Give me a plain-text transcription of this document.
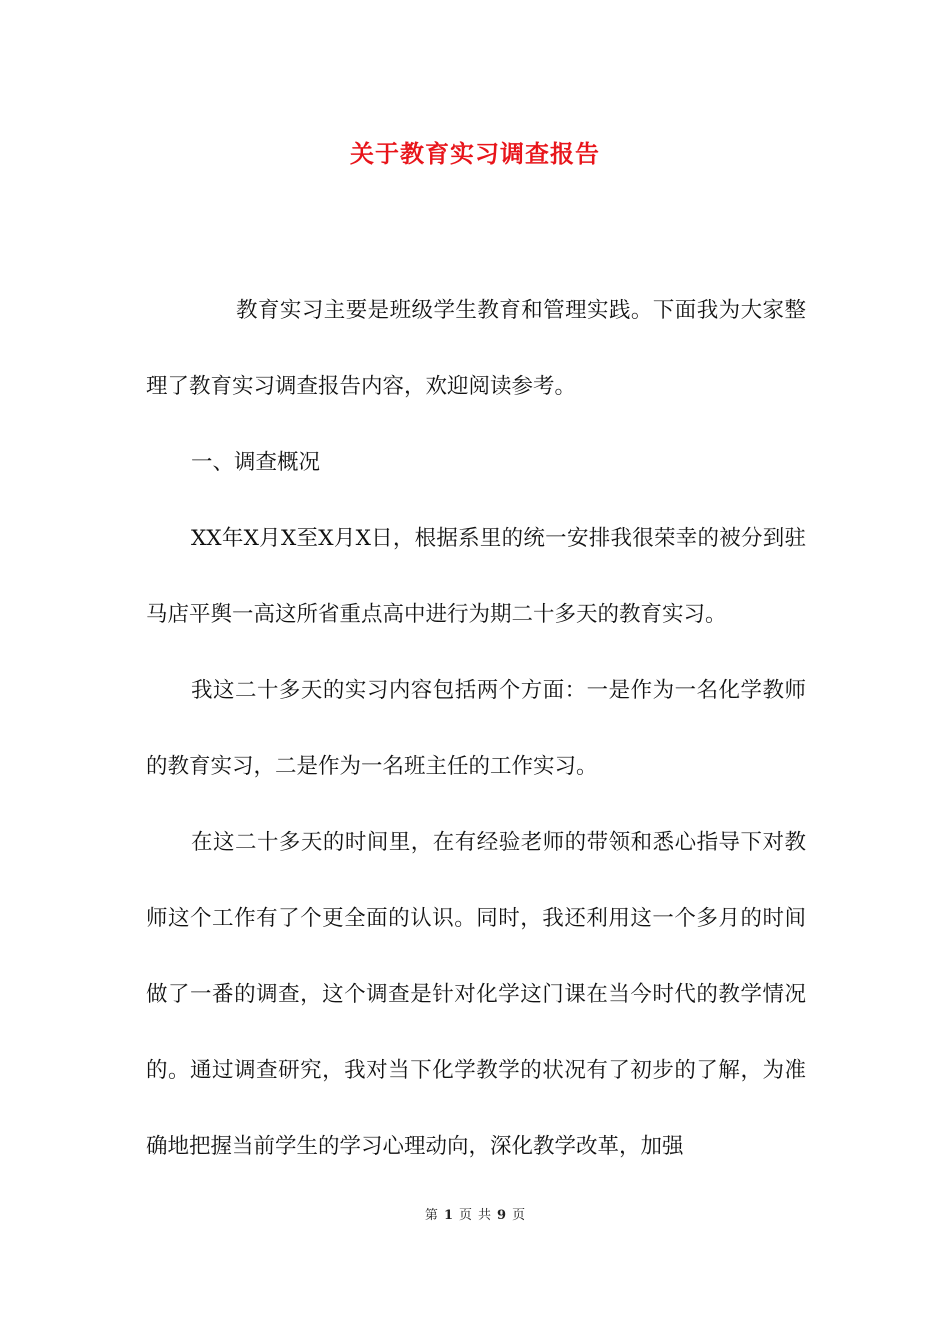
关于教育实习调查报告

教育实习主要是班级学生教育和管理实践。下面我为大家整理了教育实习调查报告内容，欢迎阅读参考。

一、调查概况

XX年X月X至X月X日，根据系里的统一安排我很荣幸的被分到驻马店平舆一高这所省重点高中进行为期二十多天的教育实习。

我这二十多天的实习内容包括两个方面：一是作为一名化学教师的教育实习，二是作为一名班主任的工作实习。

在这二十多天的时间里，在有经验老师的带领和悉心指导下对教师这个工作有了个更全面的认识。同时，我还利用这一个多月的时间做了一番的调查，这个调查是针对化学这门课在当今时代的教学情况的。通过调查研究，我对当下化学教学的状况有了初步的了解，为准确地把握当前学生的学习心理动向，深化教学改革，加强

第 1 页 共 9 页
